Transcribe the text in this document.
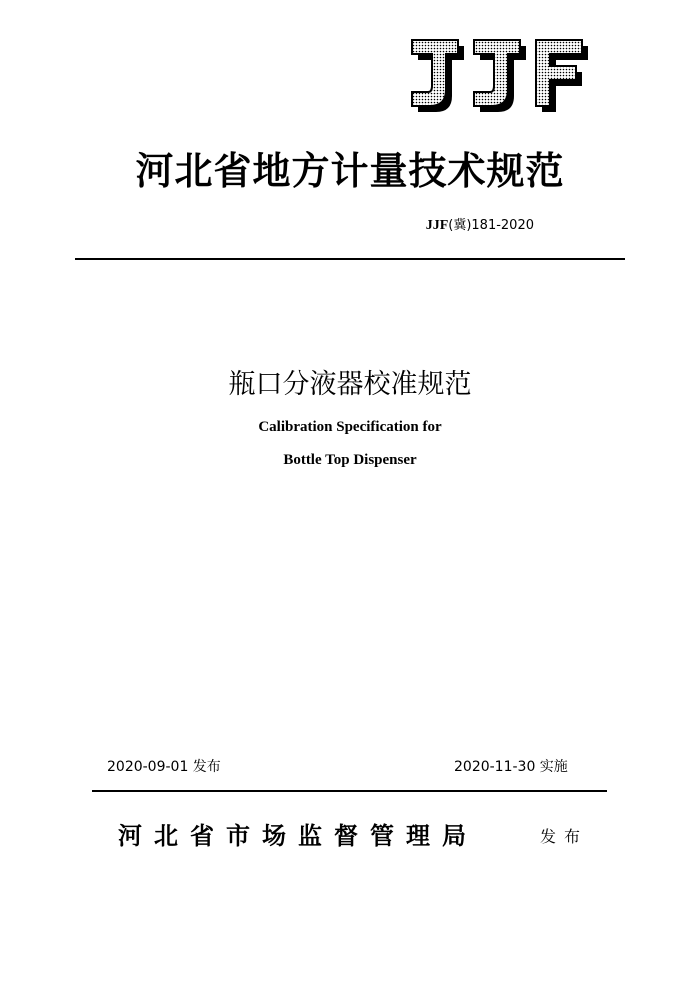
河北省地方计量技术规范
JJF(冀)181-2020
瓶口分液器校准规范
Calibration Specification for
Bottle Top Dispenser
2020-09-01 发布	2020-11-30 实施
河北省市场监督管理局	发布
